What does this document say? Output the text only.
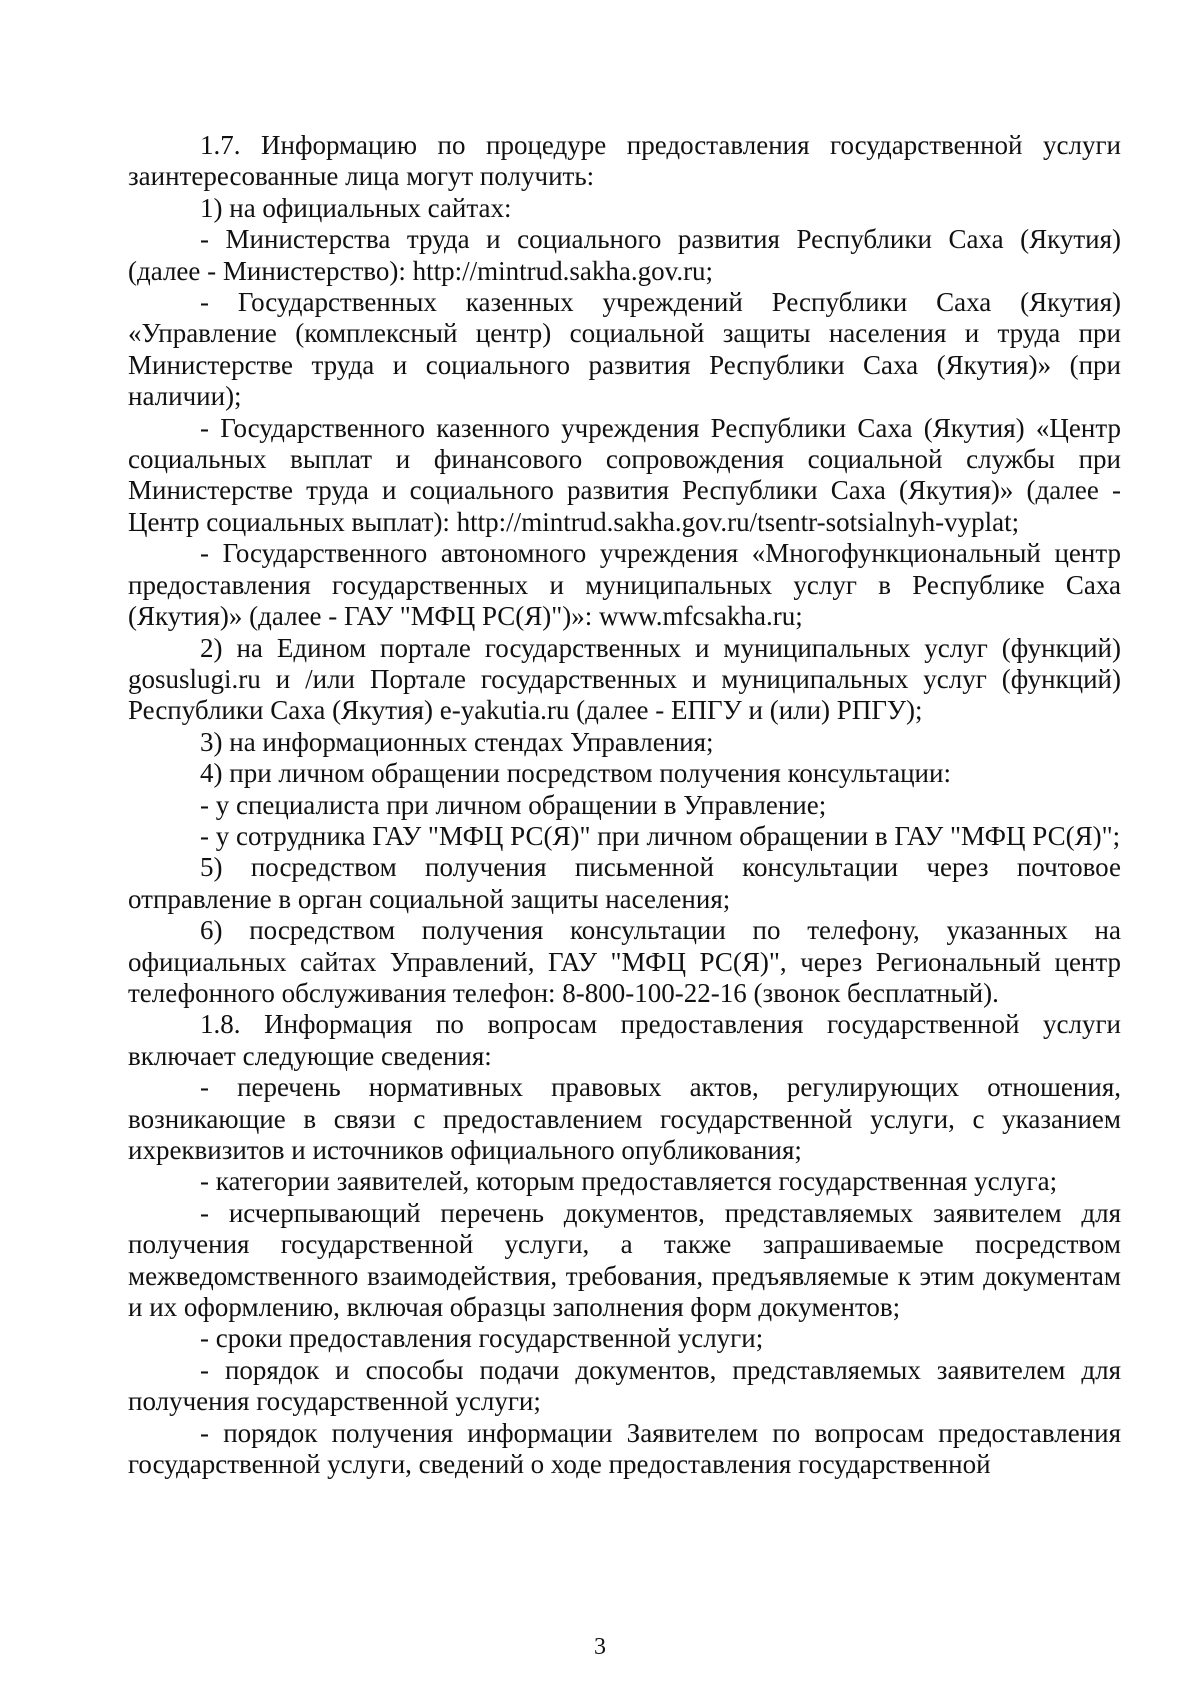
1.7. Информацию по процедуре предоставления государственной услуги заинтересованные лица могут получить:

1) на официальных сайтах:

- Министерства труда и социального развития Республики Саха (Якутия) (далее - Министерство): http://mintrud.sakha.gov.ru;

- Государственных казенных учреждений Республики Саха (Якутия) «Управление (комплексный центр) социальной защиты населения и труда при Министерстве труда и социального развития Республики Саха (Якутия)» (при наличии);

- Государственного казенного учреждения Республики Саха (Якутия) «Центр социальных выплат и финансового сопровождения социальной службы при Министерстве труда и социального развития Республики Саха (Якутия)» (далее - Центр социальных выплат): http://mintrud.sakha.gov.ru/tsentr-sotsialnyh-vyplat;

- Государственного автономного учреждения «Многофункциональный центр предоставления государственных и муниципальных услуг в Республике Саха (Якутия)» (далее - ГАУ "МФЦ РС(Я)")»: www.mfcsakha.ru;

2) на Едином портале государственных и муниципальных услуг (функций) gosuslugi.ru и /или Портале государственных и муниципальных услуг (функций) Республики Саха (Якутия) e-yakutia.ru (далее - ЕПГУ и (или) РПГУ);

3) на информационных стендах Управления;

4) при личном обращении посредством получения консультации:

- у специалиста при личном обращении в Управление;

- у сотрудника ГАУ "МФЦ РС(Я)" при личном обращении в ГАУ "МФЦ РС(Я)";

5) посредством получения письменной консультации через почтовое отправление в орган социальной защиты населения;

6) посредством получения консультации по телефону, указанных на официальных сайтах Управлений, ГАУ "МФЦ РС(Я)", через Региональный центр телефонного обслуживания телефон: 8-800-100-22-16 (звонок бесплатный).

1.8. Информация по вопросам предоставления государственной услуги включает следующие сведения:

- перечень нормативных правовых актов, регулирующих отношения, возникающие в связи с предоставлением государственной услуги, с указанием ихреквизитов и источников официального опубликования;

- категории заявителей, которым предоставляется государственная услуга;

- исчерпывающий перечень документов, представляемых заявителем для получения государственной услуги, а также запрашиваемые посредством межведомственного взаимодействия, требования, предъявляемые к этим документам и их оформлению, включая образцы заполнения форм документов;

- сроки предоставления государственной услуги;

- порядок и способы подачи документов, представляемых заявителем для получения государственной услуги;

- порядок получения информации Заявителем по вопросам предоставления государственной услуги, сведений о ходе предоставления государственной

3
